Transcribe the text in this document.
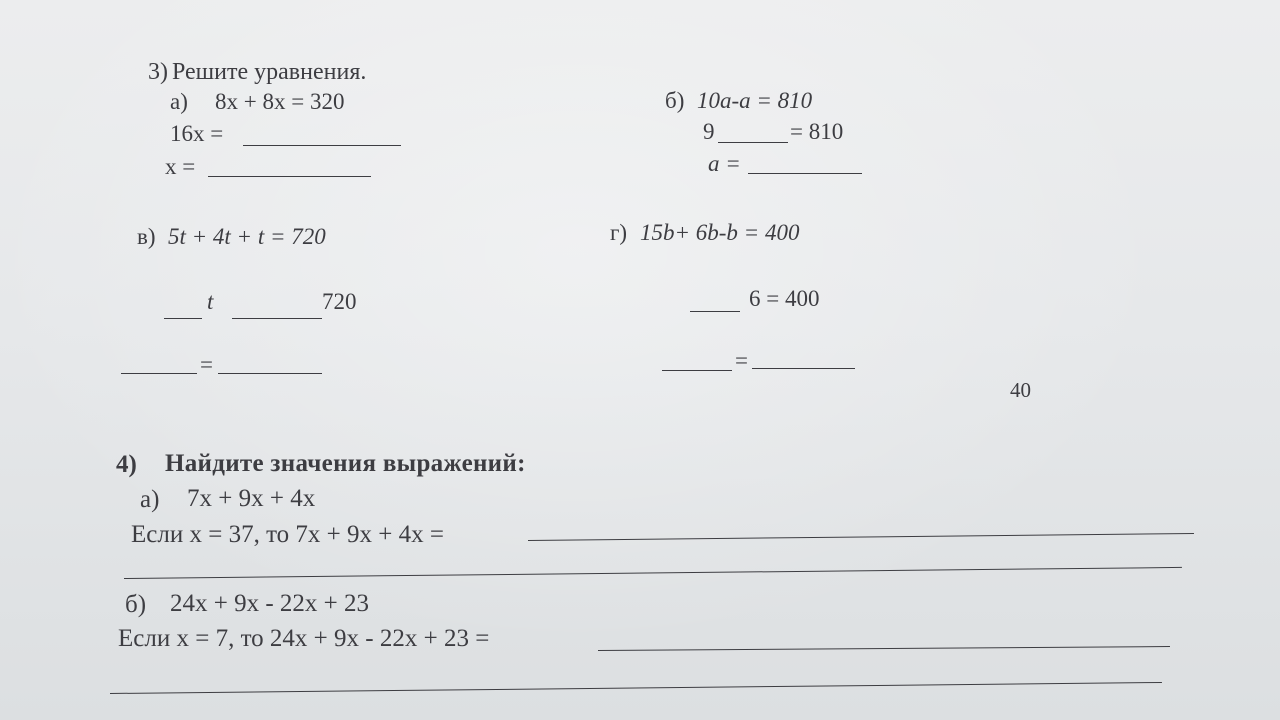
3) Решите уравнения.
а) 8x + 8x = 320
16x =
x =
б) 10a-a = 810
9	= 810
a =
в) 5t + 4t + t = 720
t	720
=
г) 15b+ 6b-b = 400
6 = 400
=
40
4) Найдите значения выражений:
а) 7x + 9x + 4x
Если x = 37, то 7x + 9x + 4x =
б) 24x + 9x - 22x + 23
Если x = 7, то 24x + 9x - 22x + 23 =
